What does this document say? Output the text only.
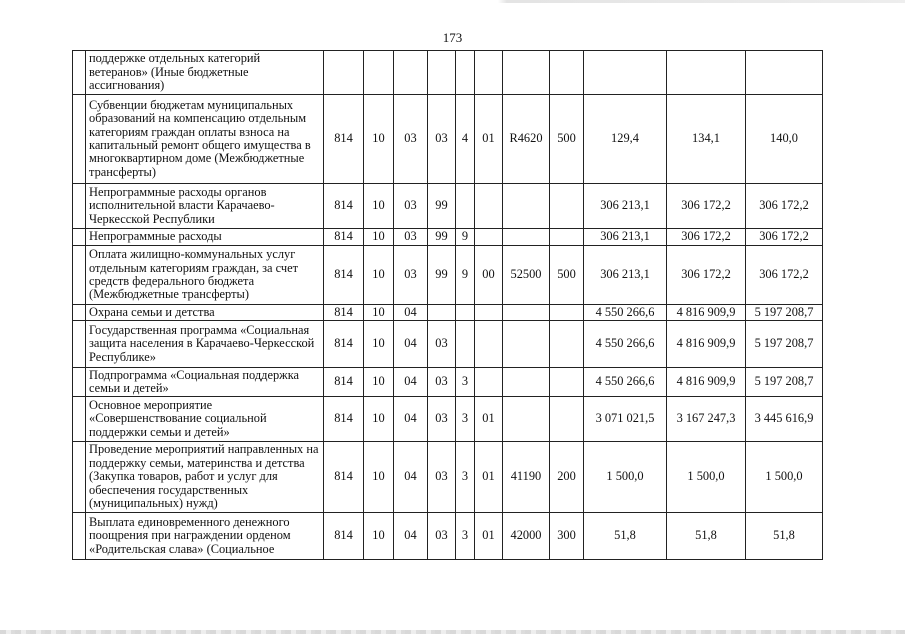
173
	поддержке отдельных категорий ветеранов» (Иные бюджетные ассигнования)											
	Субвенции бюджетам муниципальных образований на компенсацию отдельным категориям граждан оплаты взноса на капитальный ремонт общего имущества в многоквартирном доме (Межбюджетные трансферты)	814	10	03	03	4	01	R4620	500	129,4	134,1	140,0
	Непрограммные расходы органов исполнительной власти Карачаево-Черкесской Республики	814	10	03	99					306 213,1	306 172,2	306 172,2
	Непрограммные расходы	814	10	03	99	9				306 213,1	306 172,2	306 172,2
	Оплата жилищно-коммунальных услуг отдельным категориям граждан, за счет средств федерального бюджета (Межбюджетные трансферты)	814	10	03	99	9	00	52500	500	306 213,1	306 172,2	306 172,2
	Охрана семьи и детства	814	10	04						4 550 266,6	4 816 909,9	5 197 208,7
	Государственная программа «Социальная защита населения в Карачаево-Черкесской Республике»	814	10	04	03					4 550 266,6	4 816 909,9	5 197 208,7
	Подпрограмма «Социальная поддержка семьи и детей»	814	10	04	03	3				4 550 266,6	4 816 909,9	5 197 208,7
	Основное мероприятие «Совершенствование социальной поддержки семьи и детей»	814	10	04	03	3	01			3 071 021,5	3 167 247,3	3 445 616,9
	Проведение мероприятий направленных на поддержку семьи, материнства и детства (Закупка товаров, работ и услуг для обеспечения государственных (муниципальных) нужд)	814	10	04	03	3	01	41190	200	1 500,0	1 500,0	1 500,0
	Выплата единовременного денежного поощрения при награждении орденом «Родительская слава» (Социальное	814	10	04	03	3	01	42000	300	51,8	51,8	51,8
